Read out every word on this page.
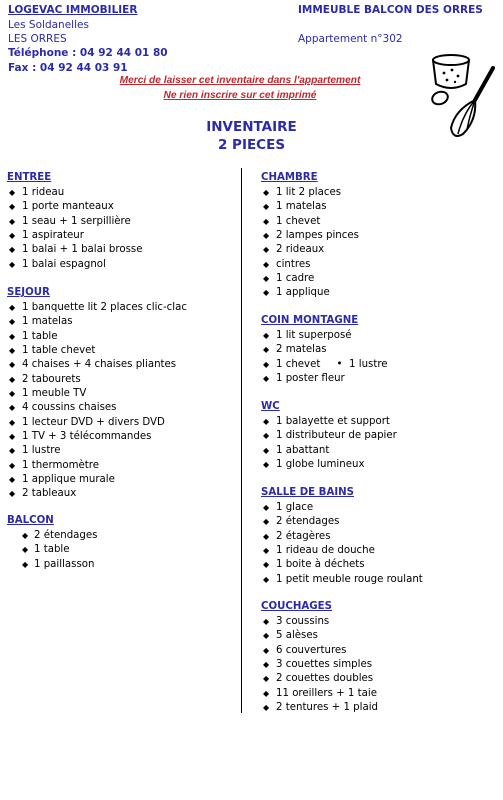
LOGEVAC IMMOBILIER
Les Soldanelles
LES ORRES
Téléphone : 04 92 44 01 80
Fax : 04 92 44 03 91
IMMEUBLE BALCON DES ORRES
Appartement n°302
Merci de laisser cet inventaire dans l'appartement
Ne rien inscrire sur cet imprimé
INVENTAIRE
2 PIECES
ENTREE
◆ 1 rideau
◆ 1 porte manteaux
◆ 1 seau + 1 serpillière
◆ 1 aspirateur
◆ 1 balai + 1 balai brosse
◆ 1 balai espagnol
SEJOUR
◆ 1 banquette lit 2 places clic-clac
◆ 1 matelas
◆ 1 table
◆ 1 table chevet
◆ 4 chaises + 4 chaises pliantes
◆ 2 tabourets
◆ 1 meuble TV
◆ 4 coussins chaises
◆ 1 lecteur DVD + divers DVD
◆ 1 TV + 3 télécommandes
◆ 1 lustre
◆ 1 thermomètre
◆ 1 applique murale
◆ 2 tableaux
BALCON
◆ 2 étendages
◆ 1 table
◆ 1 paillasson
CHAMBRE
◆ 1 lit 2 places
◆ 1 matelas
◆ 1 chevet
◆ 2 lampes pinces
◆ 2 rideaux
◆ cintres
◆ 1 cadre
◆ 1 applique
COIN MONTAGNE
◆ 1 lit superposé
◆ 2 matelas
◆ 1 chevet     •  1 lustre
◆ 1 poster fleur
WC
◆ 1 balayette et support
◆ 1 distributeur de papier
◆ 1 abattant
◆ 1 globe lumineux
SALLE DE BAINS
◆ 1 glace
◆ 2 étendages
◆ 2 étagères
◆ 1 rideau de douche
◆ 1 boite à déchets
◆ 1 petit meuble rouge roulant
COUCHAGES
◆ 3 coussins
◆ 5 alèses
◆ 6 couvertures
◆ 3 couettes simples
◆ 2 couettes doubles
◆ 11 oreillers + 1 taie
◆ 2 tentures + 1 plaid
